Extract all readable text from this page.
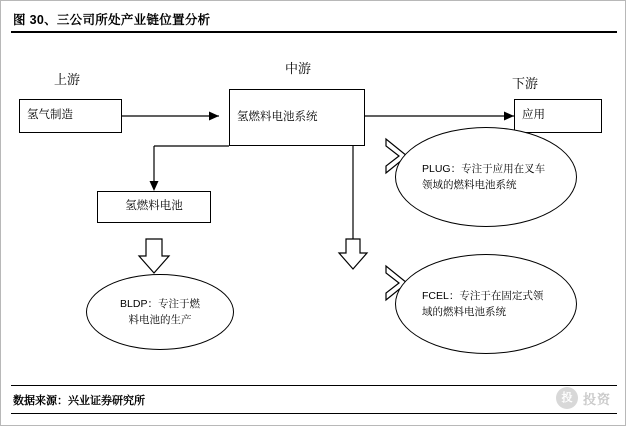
图 30、三公司所处产业链位置分析
上游
中游
下游
氢气制造	氢燃料电池系统	应用
氢燃料电池
PLUG：专注于应用在叉车领域的燃料电池系统
FCEL：专注于在固定式领域的燃料电池系统
BLDP：专注于燃料电池的生产
数据来源：兴业证券研究所	投 投资
